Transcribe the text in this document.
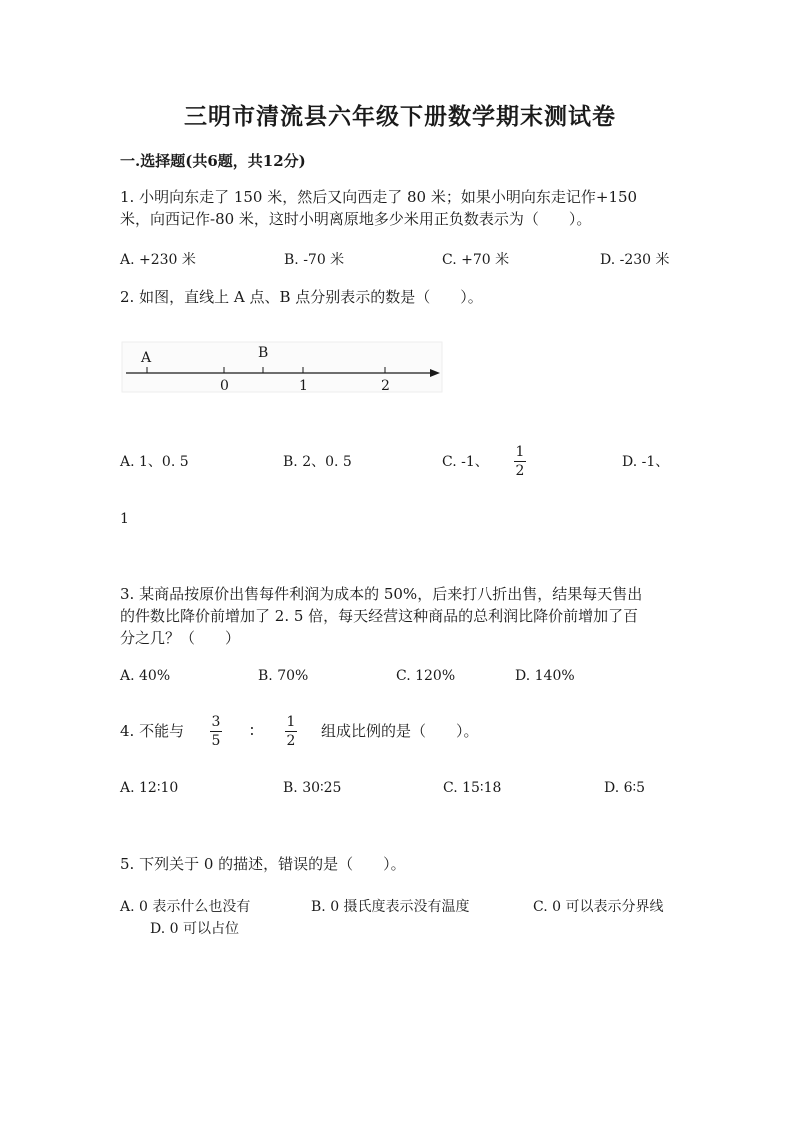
三明市清流县六年级下册数学期末测试卷
一.选择题(共6题，共12分)
1. 小明向东走了 150 米，然后又向西走了 80 米；如果小明向东走记作+150
米，向西记作-80 米，这时小明离原地多少米用正负数表示为（　　）。
A. +230 米	B. -70 米	C. +70 米	D. -230 米
2. 如图，直线上 A 点、B 点分别表示的数是（　　）。
A	B
0	1	2
A. 1、0. 5	B. 2、0. 5	C. -1、
1
2
D. -1、
1
3. 某商品按原价出售每件利润为成本的 50%，后来打八折出售，结果每天售出
的件数比降价前增加了 2. 5 倍，每天经营这种商品的总利润比降价前增加了百
分之几？（　　）
A. 40%	B. 70%	C. 120%	D. 140%
4. 不能与 3
5
∶ 1
2
组成比例的是（　　）。
A. 12∶10	B. 30∶25	C. 15∶18	D. 6∶5
5. 下列关于 0 的描述，错误的是（　　）。
A. 0 表示什么也没有	B. 0 摄氏度表示没有温度	C. 0 可以表示分界线
D. 0 可以占位
